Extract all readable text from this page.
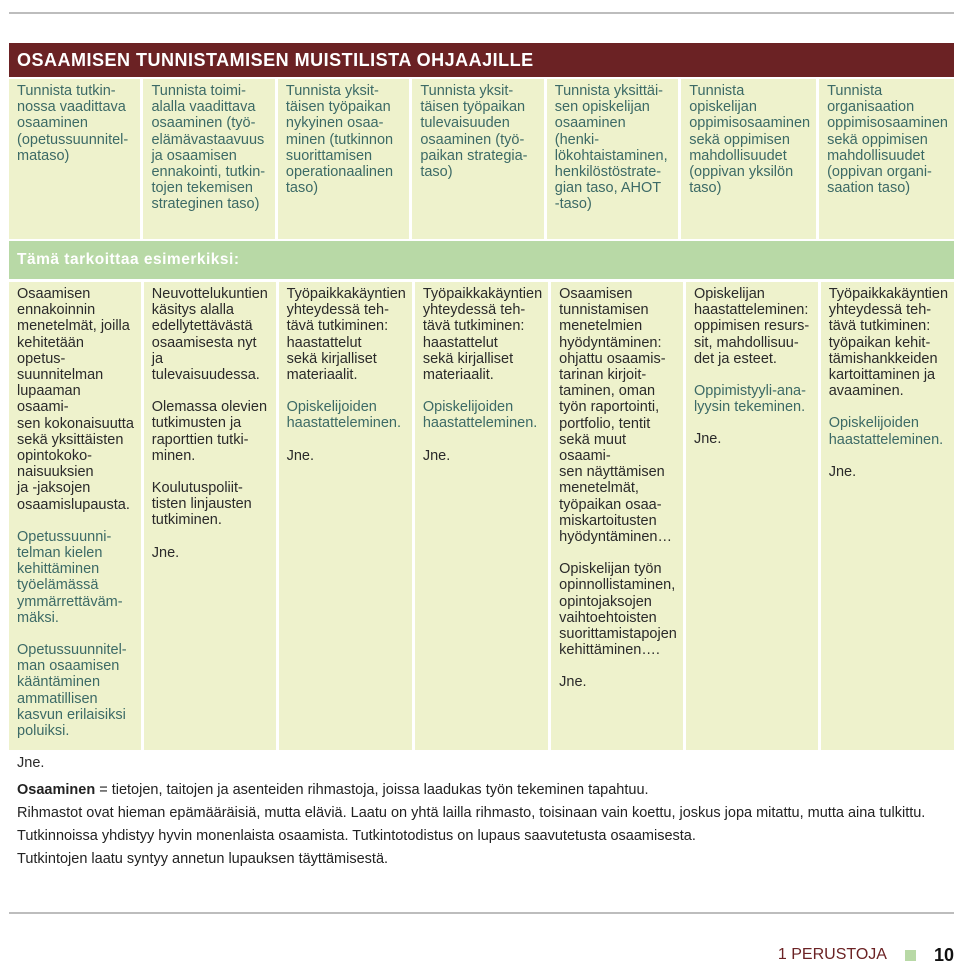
OSAAMISEN TUNNISTAMISEN MUISTILISTA OHJAAJILLE
Tunnista tutkin-
nossa vaadittava
osaaminen
(opetussuunnitel-
mataso)
Tunnista toimi-
alalla vaadittava
osaaminen (työ-
elämävastaavuus
ja osaamisen
ennakointi, tutkin-
tojen tekemisen
strateginen taso)
Tunnista yksit-
täisen työpaikan
nykyinen osaa-
minen (tutkinnon
suorittamisen
operationaalinen
taso)
Tunnista yksit-
täisen työpaikan
tulevaisuuden
osaaminen (työ-
paikan strategia-
taso)
Tunnista yksittäi-
sen opiskelijan
osaaminen (henki-
lökohtaistaminen,
henkilöstöstrate-
gian taso, AHOT
-taso)
Tunnista
opiskelijan
oppimisosaaminen
sekä oppimisen
mahdollisuudet
(oppivan yksilön
taso)
Tunnista
organisaation
oppimisosaaminen
sekä oppimisen
mahdollisuudet
(oppivan organi-
saation taso)
Tämä tarkoittaa esimerkiksi:

Osaamisen
ennakoinnin
menetelmät, joilla
kehitetään opetus-
suunnitelman
lupaaman osaami-
sen kokonaisuutta
sekä yksittäisten
opintokoko-
naisuuksien
ja -jaksojen
osaamislupausta.

Opetussuunni-
telman kielen
kehittäminen
työelämässä
ymmärrettäväm-
mäksi.

Opetussuunnitel-
man osaamisen
kääntäminen
ammatillisen
kasvun erilaisiksi
poluiksi.

Jne.

Neuvottelukuntien
käsitys alalla
edellytettävästä
osaamisesta nyt ja
tulevaisuudessa.

Olemassa olevien
tutkimusten ja
raporttien tutki-
minen.

Koulutuspoliit-
tisten linjausten
tutkiminen.

Jne.

Työpaikkakäyntien
yhteydessä teh-
tävä tutkiminen:
haastattelut
sekä kirjalliset
materiaalit.

Opiskelijoiden
haastatteleminen.

Jne.

Työpaikkakäyntien
yhteydessä teh-
tävä tutkiminen:
haastattelut
sekä kirjalliset
materiaalit.

Opiskelijoiden
haastatteleminen.

Jne.

Osaamisen
tunnistamisen
menetelmien
hyödyntäminen:
ohjattu osaamis-
tarinan kirjoit-
taminen, oman
työn raportointi,
portfolio, tentit
sekä muut osaami-
sen näyttämisen
menetelmät,
työpaikan osaa-
miskartoitusten
hyödyntäminen…

Opiskelijan työn
opinnollistaminen,
opintojaksojen
vaihtoehtoisten
suorittamistapojen
kehittäminen….

Jne.

Opiskelijan
haastatteleminen:
oppimisen resurs-
sit, mahdollisuu-
det ja esteet.

Oppimistyyli-ana-
lyysin tekeminen.

Jne.

Työpaikkakäyntien
yhteydessä teh-
tävä tutkiminen:
työpaikan kehit-
tämishankkeiden
kartoittaminen ja
avaaminen.

Opiskelijoiden
haastatteleminen.

Jne.

Osaaminen = tietojen, taitojen ja asenteiden rihmastoja, joissa laadukas työn tekeminen tapahtuu.
Rihmastot ovat hieman epämääräisiä, mutta eläviä. Laatu on yhtä lailla rihmasto, toisinaan vain koettu, joskus jopa mitattu, mutta aina tulkittu.
Tutkinnoissa yhdistyy hyvin monenlaista osaamista. Tutkintotodistus on lupaus saavutetusta osaamisesta.
Tutkintojen laatu syntyy annetun lupauksen täyttämisestä.
1 PERUSTOJA	10
